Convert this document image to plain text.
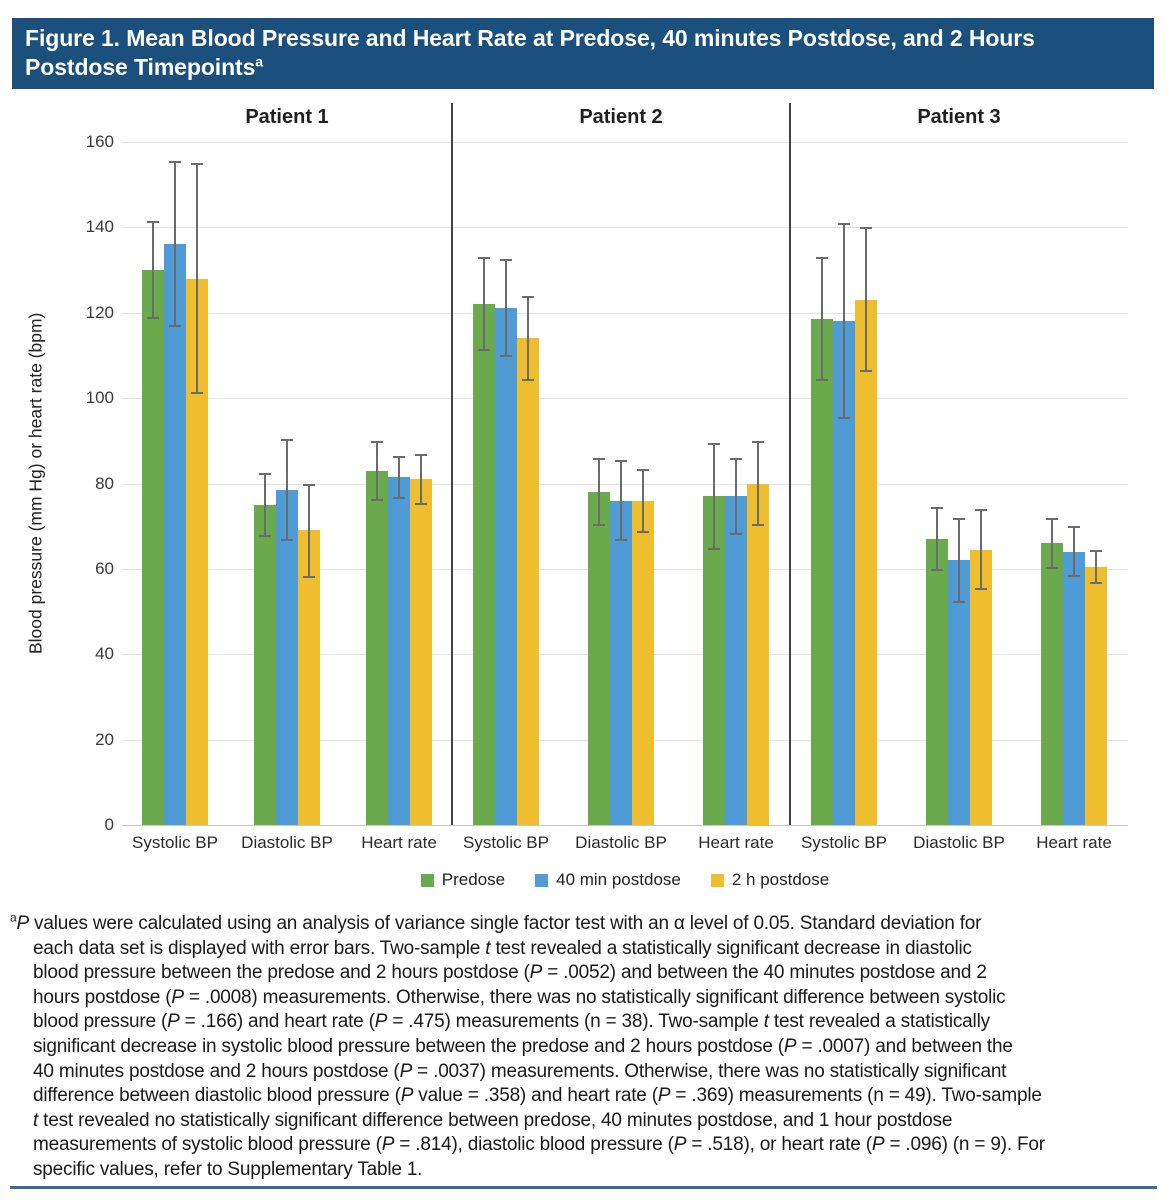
Figure 1. Mean Blood Pressure and Heart Rate at Predose, 40 minutes Postdose, and 2 Hours
Postdose Timepoints$^a$
Blood pressure (mm Hg) or heart rate (bpm)
0
20
40
60
80
100
120
140
160
Patient 1
Systolic BP	Diastolic BP	Heart rate
Patient 2
Systolic BP	Diastolic BP	Heart rate
Patient 3
Systolic BP	Diastolic BP	Heart rate
Predose	40 min postdose	2 h postdose
$^a$P values were calculated using an analysis of variance single factor test with an α level of 0.05. Standard deviation for
each data set is displayed with error bars. Two-sample t test revealed a statistically significant decrease in diastolic
blood pressure between the predose and 2 hours postdose (P = .0052) and between the 40 minutes postdose and 2
hours postdose (P = .0008) measurements. Otherwise, there was no statistically significant difference between systolic
blood pressure (P = .166) and heart rate (P = .475) measurements (n = 38). Two-sample t test revealed a statistically
significant decrease in systolic blood pressure between the predose and 2 hours postdose (P = .0007) and between the
40 minutes postdose and 2 hours postdose (P = .0037) measurements. Otherwise, there was no statistically significant
difference between diastolic blood pressure (P value = .358) and heart rate (P = .369) measurements (n = 49). Two-sample
t test revealed no statistically significant difference between predose, 40 minutes postdose, and 1 hour postdose
measurements of systolic blood pressure (P = .814), diastolic blood pressure (P = .518), or heart rate (P = .096) (n = 9). For
specific values, refer to Supplementary Table 1.
